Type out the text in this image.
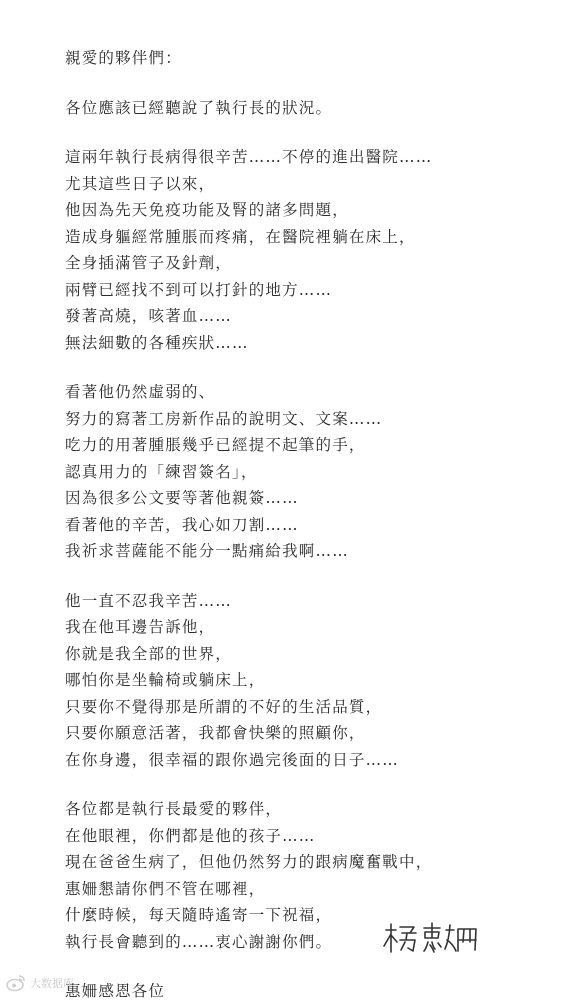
親愛的夥伴們：
各位應該已經聽說了執行長的狀況。
這兩年執行長病得很辛苦……不停的進出醫院……
尤其這些日子以來，
他因為先天免疫功能及腎的諸多問題，
造成身軀經常腫脹而疼痛，在醫院裡躺在床上，
全身插滿管子及針劑，
兩臂已經找不到可以打針的地方……
發著高燒，咳著血……
無法細數的各種疾狀……
看著他仍然虛弱的、
努力的寫著工房新作品的說明文、文案……
吃力的用著腫脹幾乎已經提不起筆的手，
認真用力的「練習簽名」，
因為很多公文要等著他親簽……
看著他的辛苦，我心如刀割……
我祈求菩薩能不能分一點痛給我啊……
他一直不忍我辛苦……
我在他耳邊告訴他，
你就是我全部的世界，
哪怕你是坐輪椅或躺床上，
只要你不覺得那是所謂的不好的生活品質，
只要你願意活著，我都會快樂的照顧你，
在你身邊，很幸福的跟你過完後面的日子……
各位都是執行長最愛的夥伴，
在他眼裡，你們都是他的孩子……
現在爸爸生病了，但他仍然努力的跟病魔奮戰中，
惠姍懇請你們不管在哪裡，
什麼時候，每天隨時遙寄一下祝福，
執行長會聽到的……衷心謝謝你們。
惠姍感恩各位
大数据库
